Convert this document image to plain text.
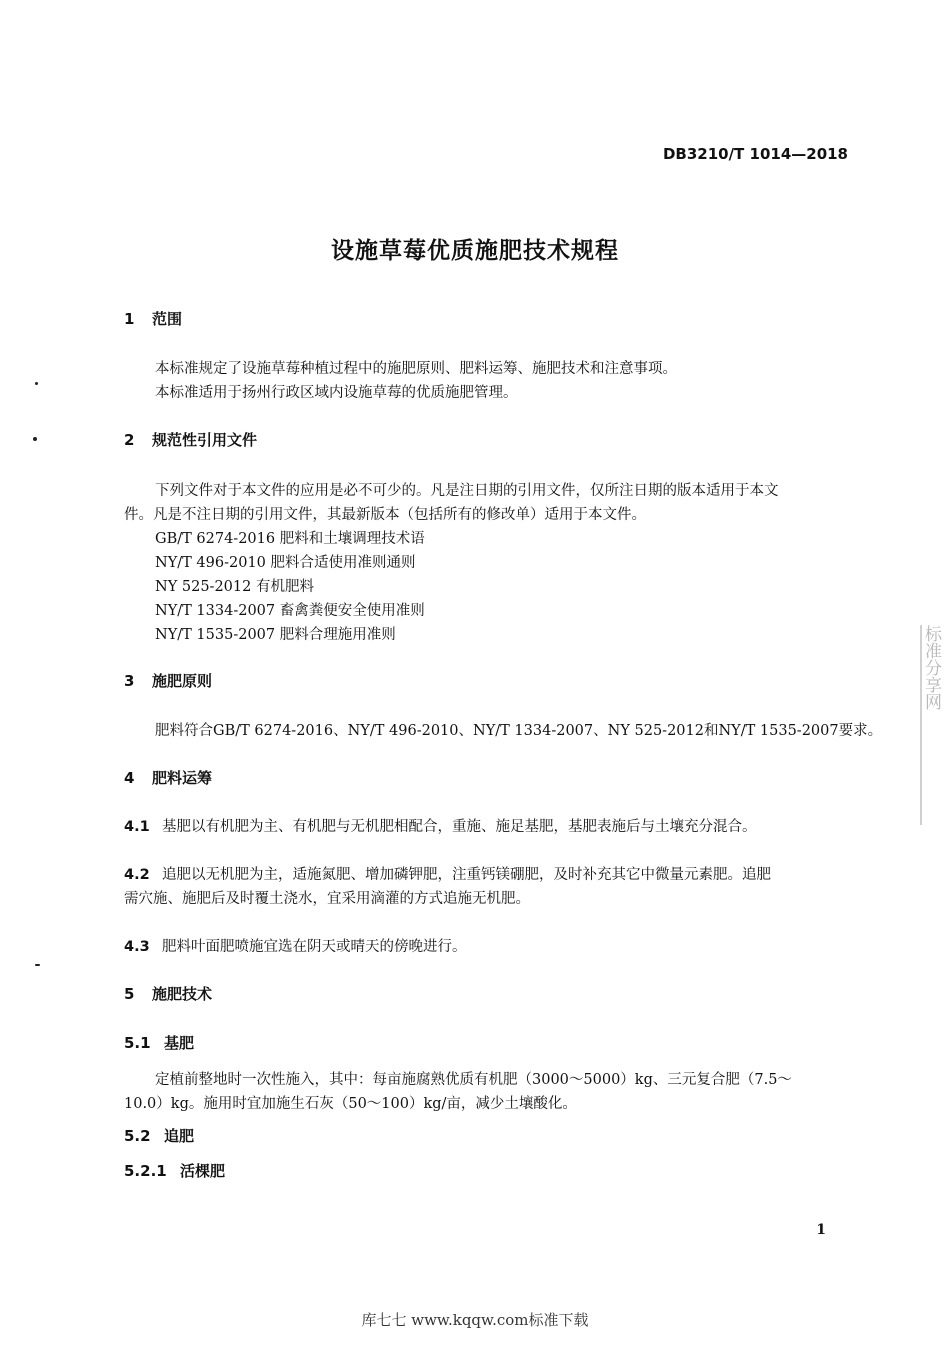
DB3210/T 1014—2018
设施草莓优质施肥技术规程
1 范围
本标准规定了设施草莓种植过程中的施肥原则、肥料运筹、施肥技术和注意事项。
本标准适用于扬州行政区域内设施草莓的优质施肥管理。
2 规范性引用文件
下列文件对于本文件的应用是必不可少的。凡是注日期的引用文件，仅所注日期的版本适用于本文
件。凡是不注日期的引用文件，其最新版本（包括所有的修改单）适用于本文件。
GB/T 6274-2016 肥料和土壤调理技术语
NY/T 496-2010 肥料合适使用准则通则
NY 525-2012 有机肥料
NY/T 1334-2007 畜禽粪便安全使用准则
NY/T 1535-2007 肥料合理施用准则
3 施肥原则
肥料符合GB/T 6274-2016、NY/T 496-2010、NY/T 1334-2007、NY 525-2012和NY/T 1535-2007要求。
4 肥料运筹
4.1 基肥以有机肥为主、有机肥与无机肥相配合，重施、施足基肥，基肥表施后与土壤充分混合。
4.2 追肥以无机肥为主，适施氮肥、增加磷钾肥，注重钙镁硼肥，及时补充其它中微量元素肥。追肥
需穴施、施肥后及时覆土浇水，宜采用滴灌的方式追施无机肥。
4.3 肥料叶面肥喷施宜选在阴天或晴天的傍晚进行。
5 施肥技术
5.1 基肥
定植前整地时一次性施入，其中：每亩施腐熟优质有机肥（3000～5000）kg、三元复合肥（7.5～
10.0）kg。施用时宜加施生石灰（50～100）kg/亩，减少土壤酸化。
5.2 追肥
5.2.1 活棵肥
1
库七七 www.kqqw.com标准下载
标准分享网
